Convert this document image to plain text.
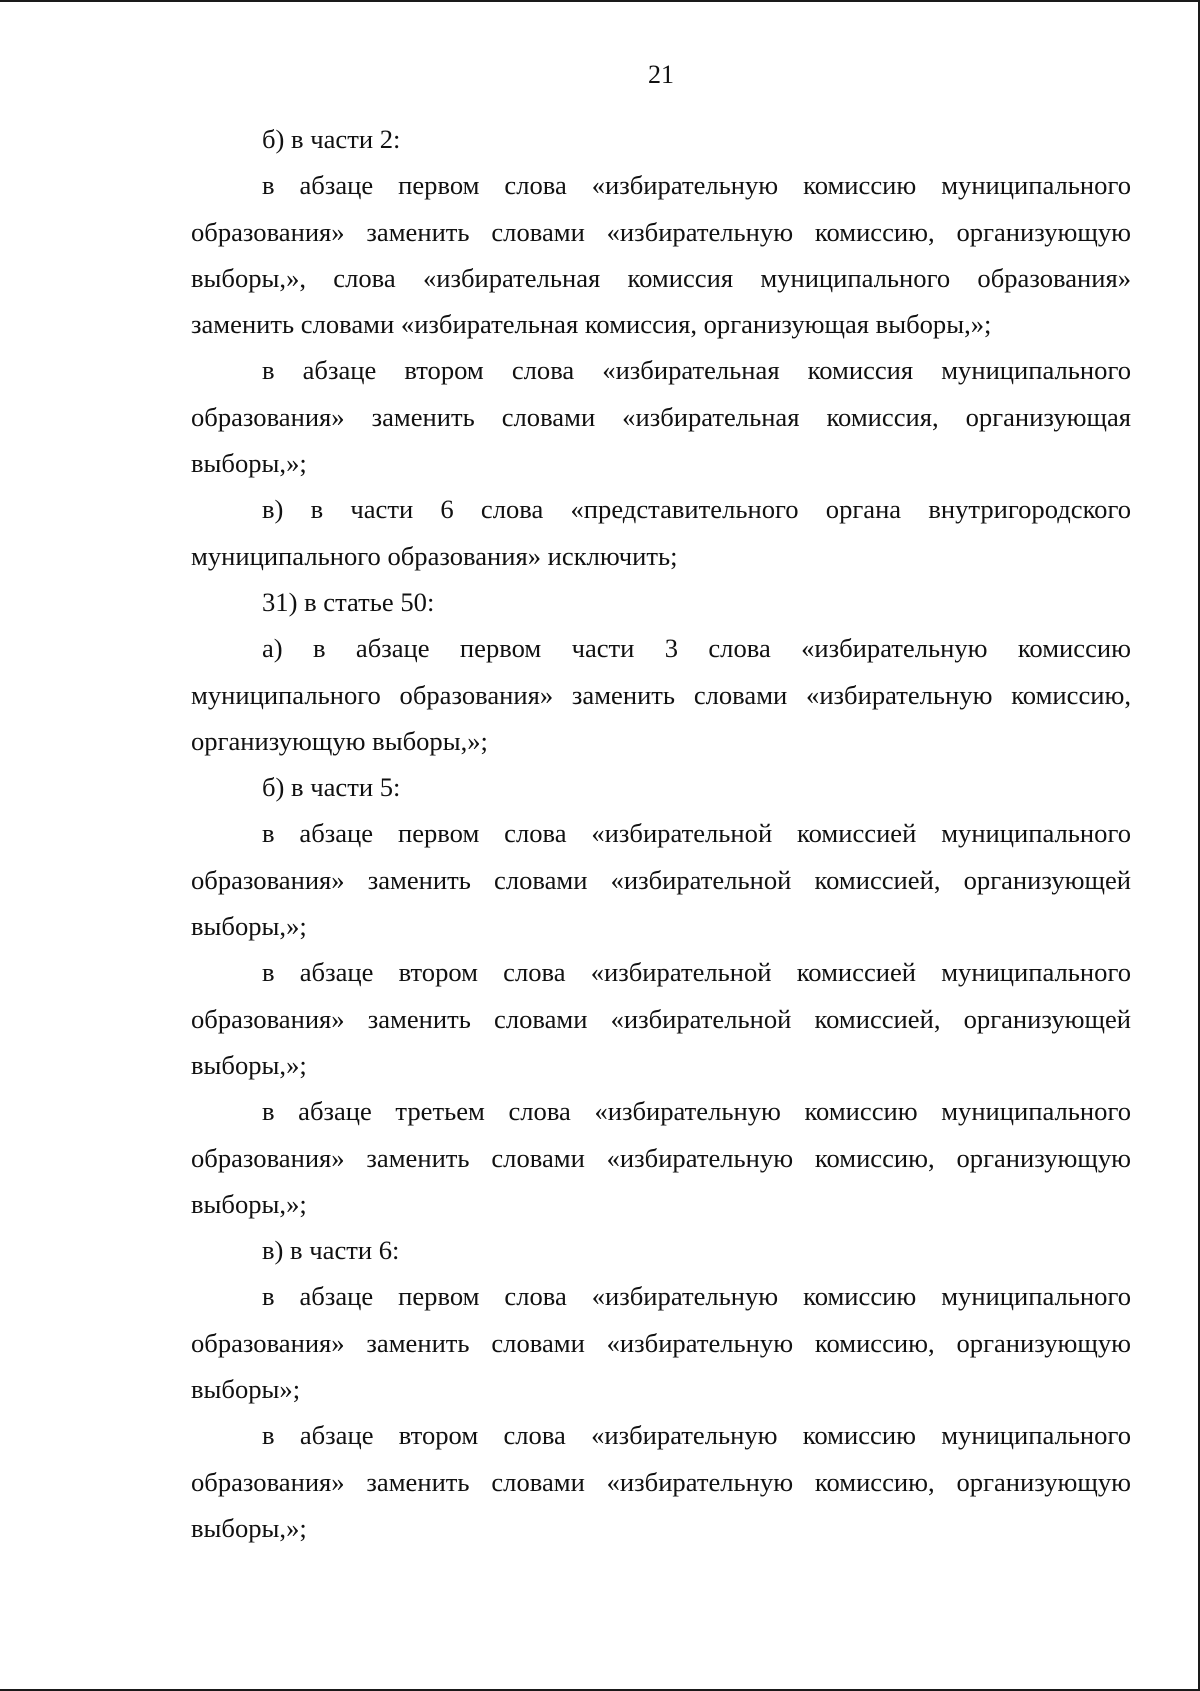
21

б) в части 2:

в абзаце первом слова «избирательную комиссию муниципального образования» заменить словами «избирательную комиссию, организующую выборы,», слова «избирательная комиссия муниципального образования» заменить словами «избирательная комиссия, организующая выборы,»;

в абзаце втором слова «избирательная комиссия муниципального образования» заменить словами «избирательная комиссия, организующая выборы,»;

в) в части 6 слова «представительного органа внутригородского муниципального образования» исключить;

31) в статье 50:

а) в абзаце первом части 3 слова «избирательную комиссию муниципального образования» заменить словами «избирательную комиссию, организующую выборы,»;

б) в части 5:

в абзаце первом слова «избирательной комиссией муниципального образования» заменить словами «избирательной комиссией, организующей выборы,»;

в абзаце втором слова «избирательной комиссией муниципального образования» заменить словами «избирательной комиссией, организующей выборы,»;

в абзаце третьем слова «избирательную комиссию муниципального образования» заменить словами «избирательную комиссию, организующую выборы,»;

в) в части 6:

в абзаце первом слова «избирательную комиссию муниципального образования» заменить словами «избирательную комиссию, организующую выборы»;

в абзаце втором слова «избирательную комиссию муниципального образования» заменить словами «избирательную комиссию, организующую выборы,»;
